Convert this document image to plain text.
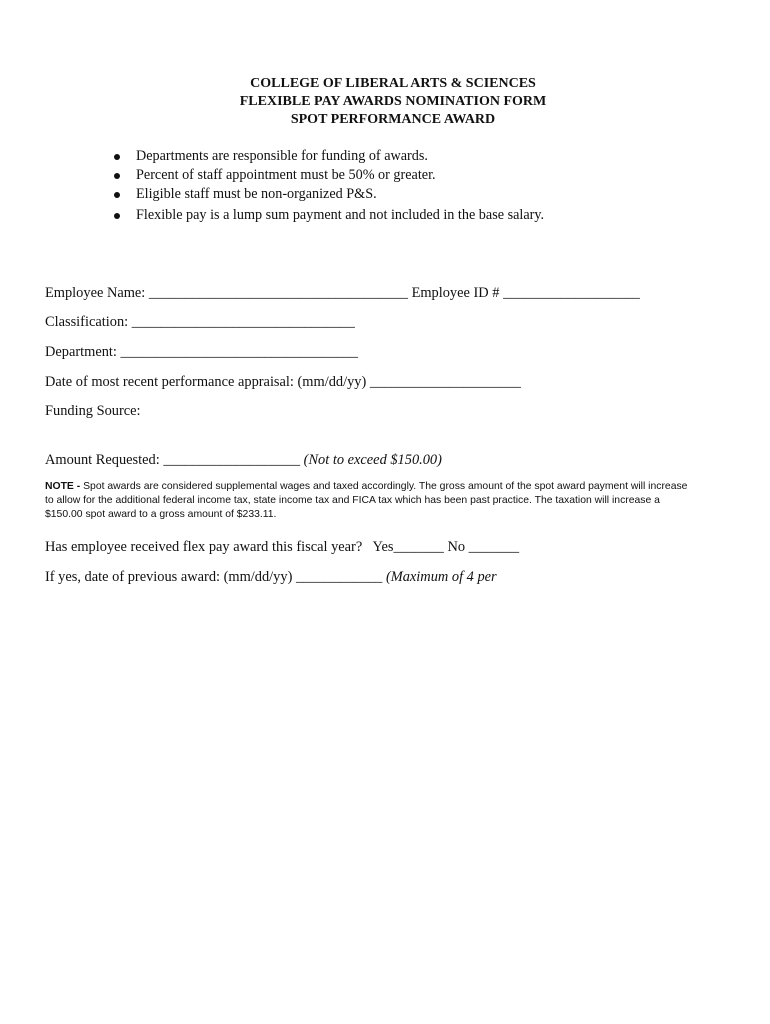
COLLEGE OF LIBERAL ARTS & SCIENCES
FLEXIBLE PAY AWARDS NOMINATION FORM
SPOT PERFORMANCE AWARD
Departments are responsible for funding of awards.
Percent of staff appointment must be 50% or greater.
Eligible staff must be non-organized P&S.
Flexible pay is a lump sum payment and not included in the base salary.
Employee Name: ____________________________________ Employee ID # ___________________
Classification: _______________________________
Department: _________________________________
Date of most recent performance appraisal: (mm/dd/yy) _____________________
Funding Source:
Amount Requested: ___________________ (Not to exceed $150.00)
NOTE - Spot awards are considered supplemental wages and taxed accordingly. The gross amount of the spot award payment will increase to allow for the additional federal income tax, state income tax and FICA tax which has been past practice. The taxation will increase a $150.00 spot award to a gross amount of $233.11.
Has employee received flex pay award this fiscal year? Yes_______ No _______
If yes, date of previous award: (mm/dd/yy) ____________ (Maximum of 4 per
